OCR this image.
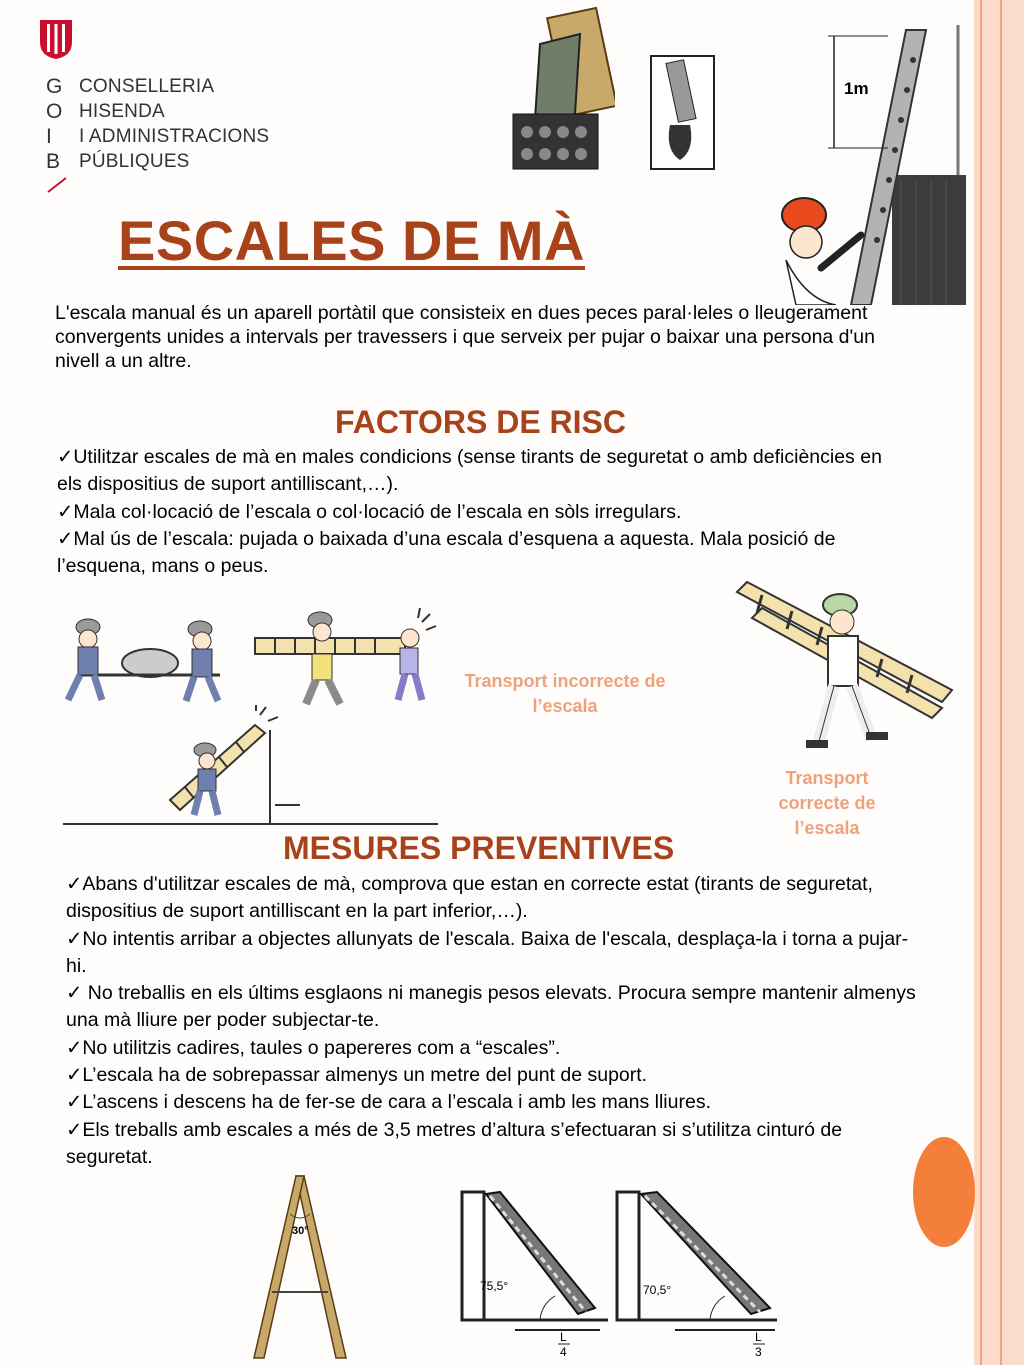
G
O
I
B
CONSELLERIA
HISENDA
I ADMINISTRACIONS
PÚBLIQUES
1m
ESCALES DE MÀ
L'escala manual és un aparell portàtil que consisteix en dues peces paral·leles o lleugerament convergents unides a intervals per travessers i que serveix per pujar o baixar una persona d'un nivell a un altre.
FACTORS DE RISC
✓Utilitzar escales de mà en males condicions (sense tirants de seguretat o amb deficiències en els dispositius de suport antilliscant,…).
✓Mala col·locació de l’escala o col·locació de l’escala en sòls irregulars.
✓Mal ús de l’escala: pujada o baixada d’una escala d’esquena a aquesta. Mala posició de l’esquena, mans o peus.
Transport incorrecte de l’escala
Transport correcte de l’escala
MESURES PREVENTIVES
✓Abans d'utilitzar escales de mà, comprova que estan en correcte estat (tirants de seguretat, dispositius de suport antilliscant en la part inferior,…).
✓No intentis arribar a objectes allunyats de l'escala. Baixa de l'escala, desplaça-la i torna a pujar-hi.
✓ No treballis en els últims esglaons ni manegis pesos elevats. Procura sempre mantenir almenys una mà lliure per poder subjectar-te.
✓No utilitzis cadires, taules o papereres com a “escales”.
✓L’escala ha de sobrepassar almenys un metre del punt de suport.
✓L’ascens i descens ha de fer-se de cara a l’escala i amb les mans lliures.
✓Els treballs amb escales a més de 3,5 metres d’altura s’efectuaran si s’utilitza cinturó de seguretat.
30°
75,5°
L
4
70,5°
L
3
